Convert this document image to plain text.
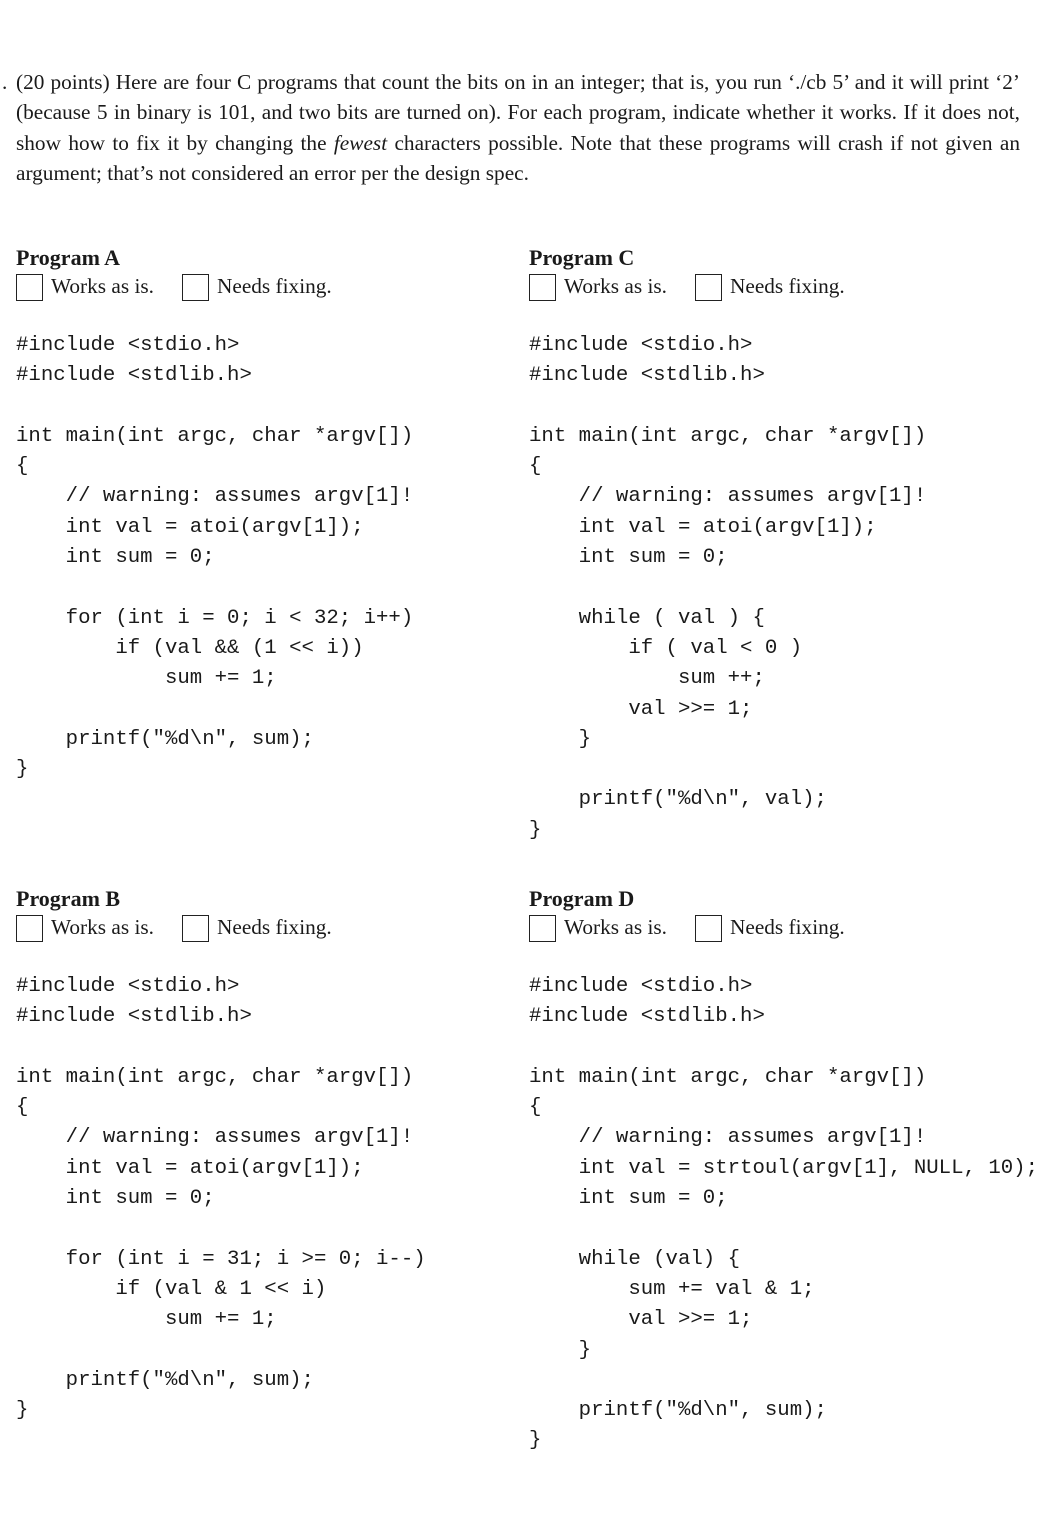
. (20 points) Here are four C programs that count the bits on in an integer; that is, you run ‘./cb 5’ and it will print ‘2’ (because 5 in binary is 101, and two bits are turned on). For each program, indicate whether it works. If it does not, show how to fix it by changing the fewest characters possible. Note that these programs will crash if not given an argument; that’s not considered an error per the design spec.
Program A
Works as is.	Needs fixing.
#include <stdio.h>
#include <stdlib.h>

int main(int argc, char *argv[])
{
// warning: assumes argv[1]!
int val = atoi(argv[1]);
int sum = 0;

for (int i = 0; i < 32; i++)
if (val && (1 << i))
sum += 1;

printf("%d\n", sum);
}
Program C
Works as is.	Needs fixing.
#include <stdio.h>
#include <stdlib.h>

int main(int argc, char *argv[])
{
// warning: assumes argv[1]!
int val = atoi(argv[1]);
int sum = 0;

while ( val ) {
if ( val < 0 )
sum ++;
val >>= 1;
}

printf("%d\n", val);
}
Program B
Works as is.	Needs fixing.
#include <stdio.h>
#include <stdlib.h>

int main(int argc, char *argv[])
{
// warning: assumes argv[1]!
int val = atoi(argv[1]);
int sum = 0;

for (int i = 31; i >= 0; i--)
if (val & 1 << i)
sum += 1;

printf("%d\n", sum);
}
Program D
Works as is.	Needs fixing.
#include <stdio.h>
#include <stdlib.h>

int main(int argc, char *argv[])
{
// warning: assumes argv[1]!
int val = strtoul(argv[1], NULL, 10);
int sum = 0;

while (val) {
sum += val & 1;
val >>= 1;
}

printf("%d\n", sum);
}
